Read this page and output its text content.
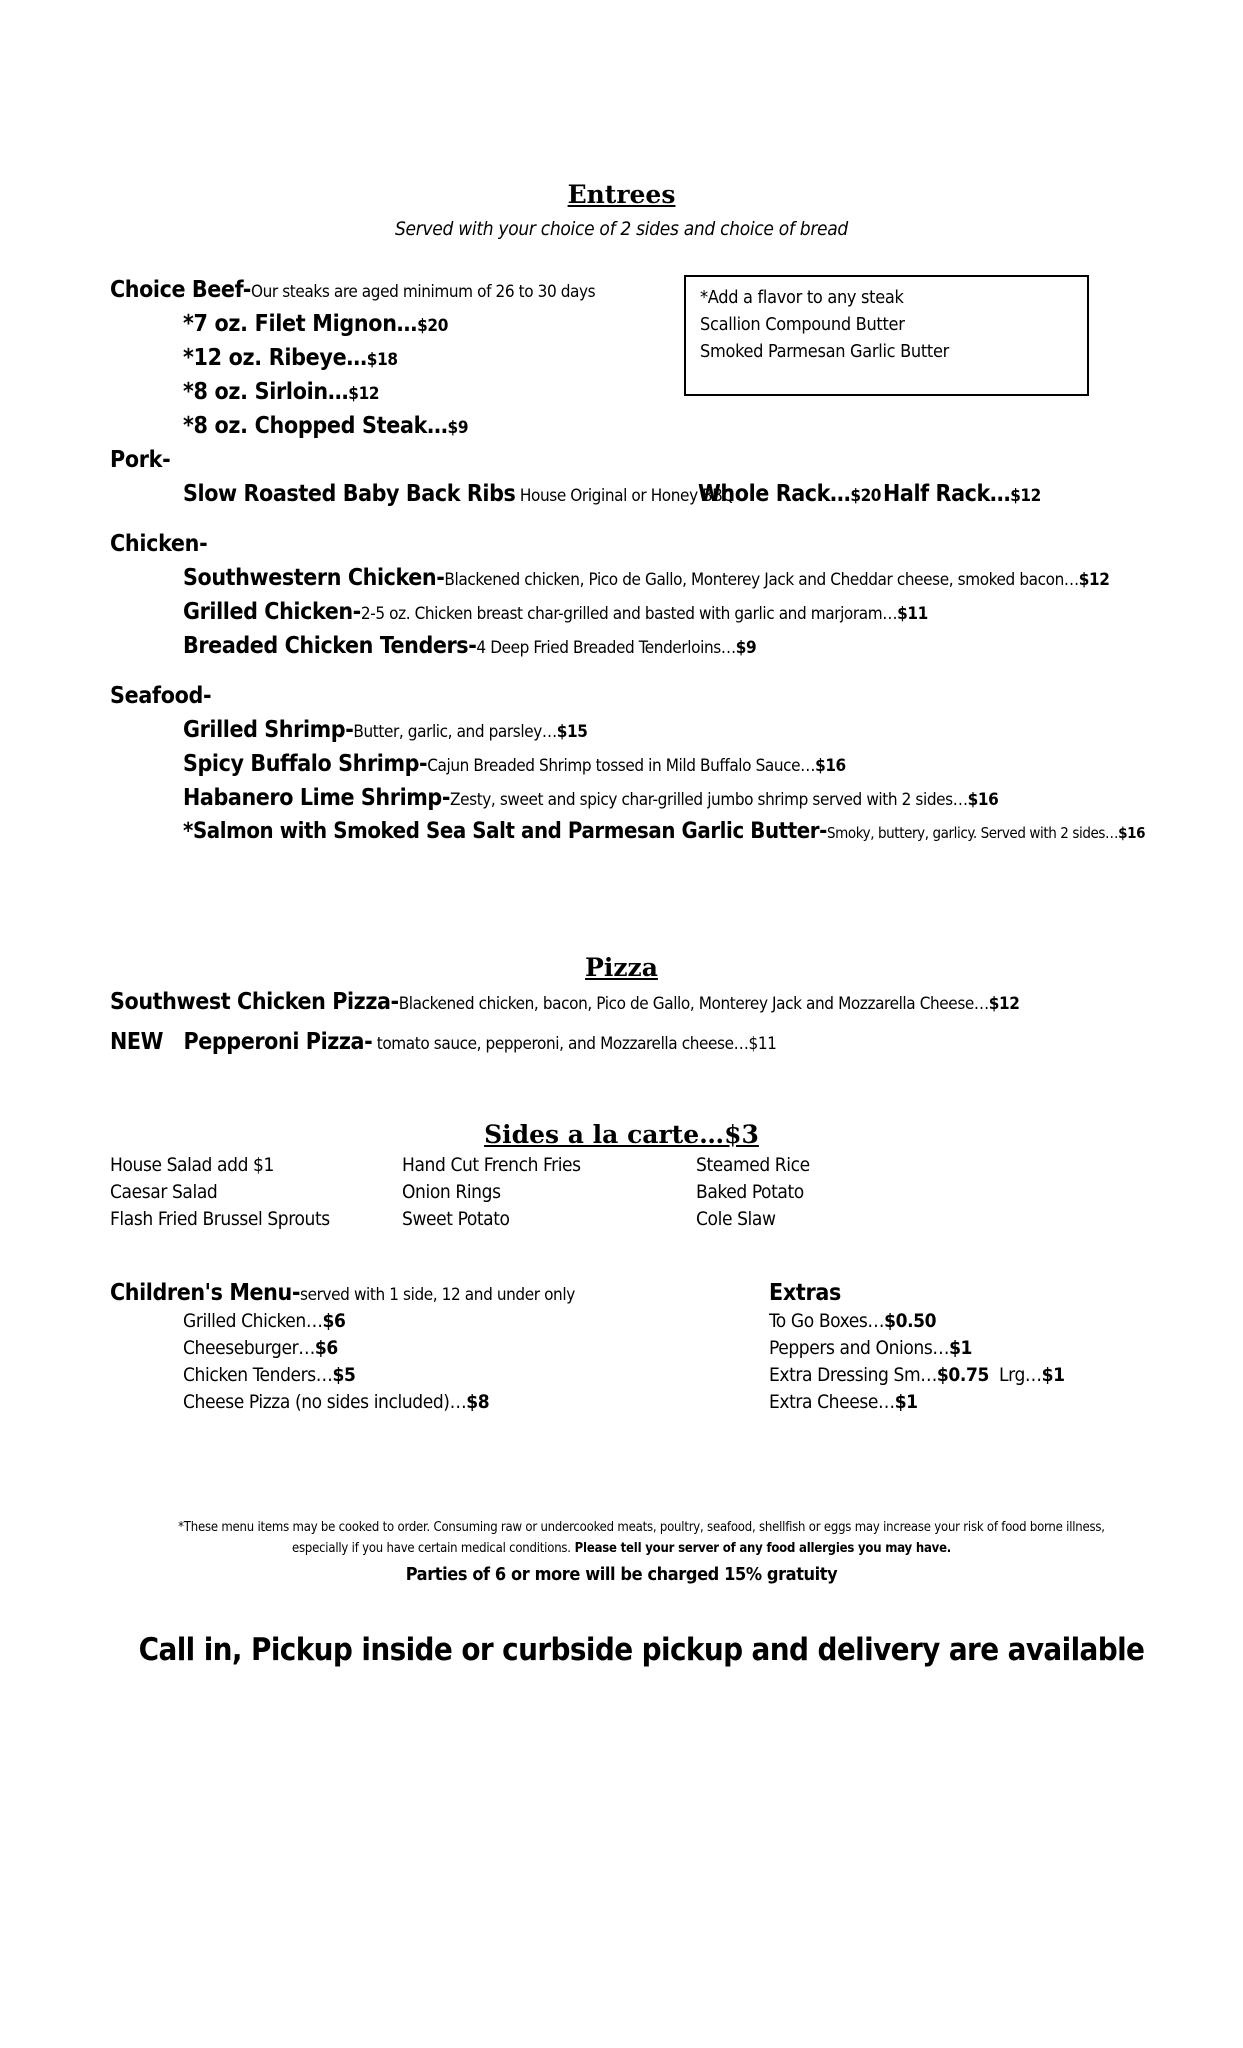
Entrees
Served with your choice of 2 sides and choice of bread
Choice Beef-Our steaks are aged minimum of 26 to 30 days
*7 oz. Filet Mignon…$20
*12 oz. Ribeye…$18
*8 oz. Sirloin…$12
*8 oz. Chopped Steak…$9
*Add a flavor to any steak
Scallion Compound Butter
Smoked Parmesan Garlic Butter
Pork-
Slow Roasted Baby Back Ribs House Original or Honey BBQ
Whole Rack…$20 Half Rack…$12
Chicken-
Southwestern Chicken-Blackened chicken, Pico de Gallo, Monterey Jack and Cheddar cheese, smoked bacon…$12
Grilled Chicken-2-5 oz. Chicken breast char-grilled and basted with garlic and marjoram…$11
Breaded Chicken Tenders-4 Deep Fried Breaded Tenderloins…$9
Seafood-
Grilled Shrimp-Butter, garlic, and parsley…$15
Spicy Buffalo Shrimp-Cajun Breaded Shrimp tossed in Mild Buffalo Sauce…$16
Habanero Lime Shrimp-Zesty, sweet and spicy char-grilled jumbo shrimp served with 2 sides…$16
*Salmon with Smoked Sea Salt and Parmesan Garlic Butter-Smoky, buttery, garlicy. Served with 2 sides…$16
Pizza
Southwest Chicken Pizza-Blackened chicken, bacon, Pico de Gallo, Monterey Jack and Mozzarella Cheese…$12
NEW Pepperoni Pizza- tomato sauce, pepperoni, and Mozzarella cheese…$11
Sides a la carte…$3
House Salad add $1
Caesar Salad
Flash Fried Brussel Sprouts
Hand Cut French Fries
Onion Rings
Sweet Potato
Steamed Rice
Baked Potato
Cole Slaw
Children's Menu-served with 1 side, 12 and under only
Grilled Chicken…$6
Cheeseburger…$6
Chicken Tenders…$5
Cheese Pizza (no sides included)…$8
Extras
To Go Boxes…$0.50
Peppers and Onions…$1
Extra Dressing Sm…$0.75  Lrg…$1
Extra Cheese…$1
*These menu items may be cooked to order. Consuming raw or undercooked meats, poultry, seafood, shellfish or eggs may increase your risk of food borne illness,
especially if you have certain medical conditions. Please tell your server of any food allergies you may have.
Parties of 6 or more will be charged 15% gratuity
Call in, Pickup inside or curbside pickup and delivery are available
